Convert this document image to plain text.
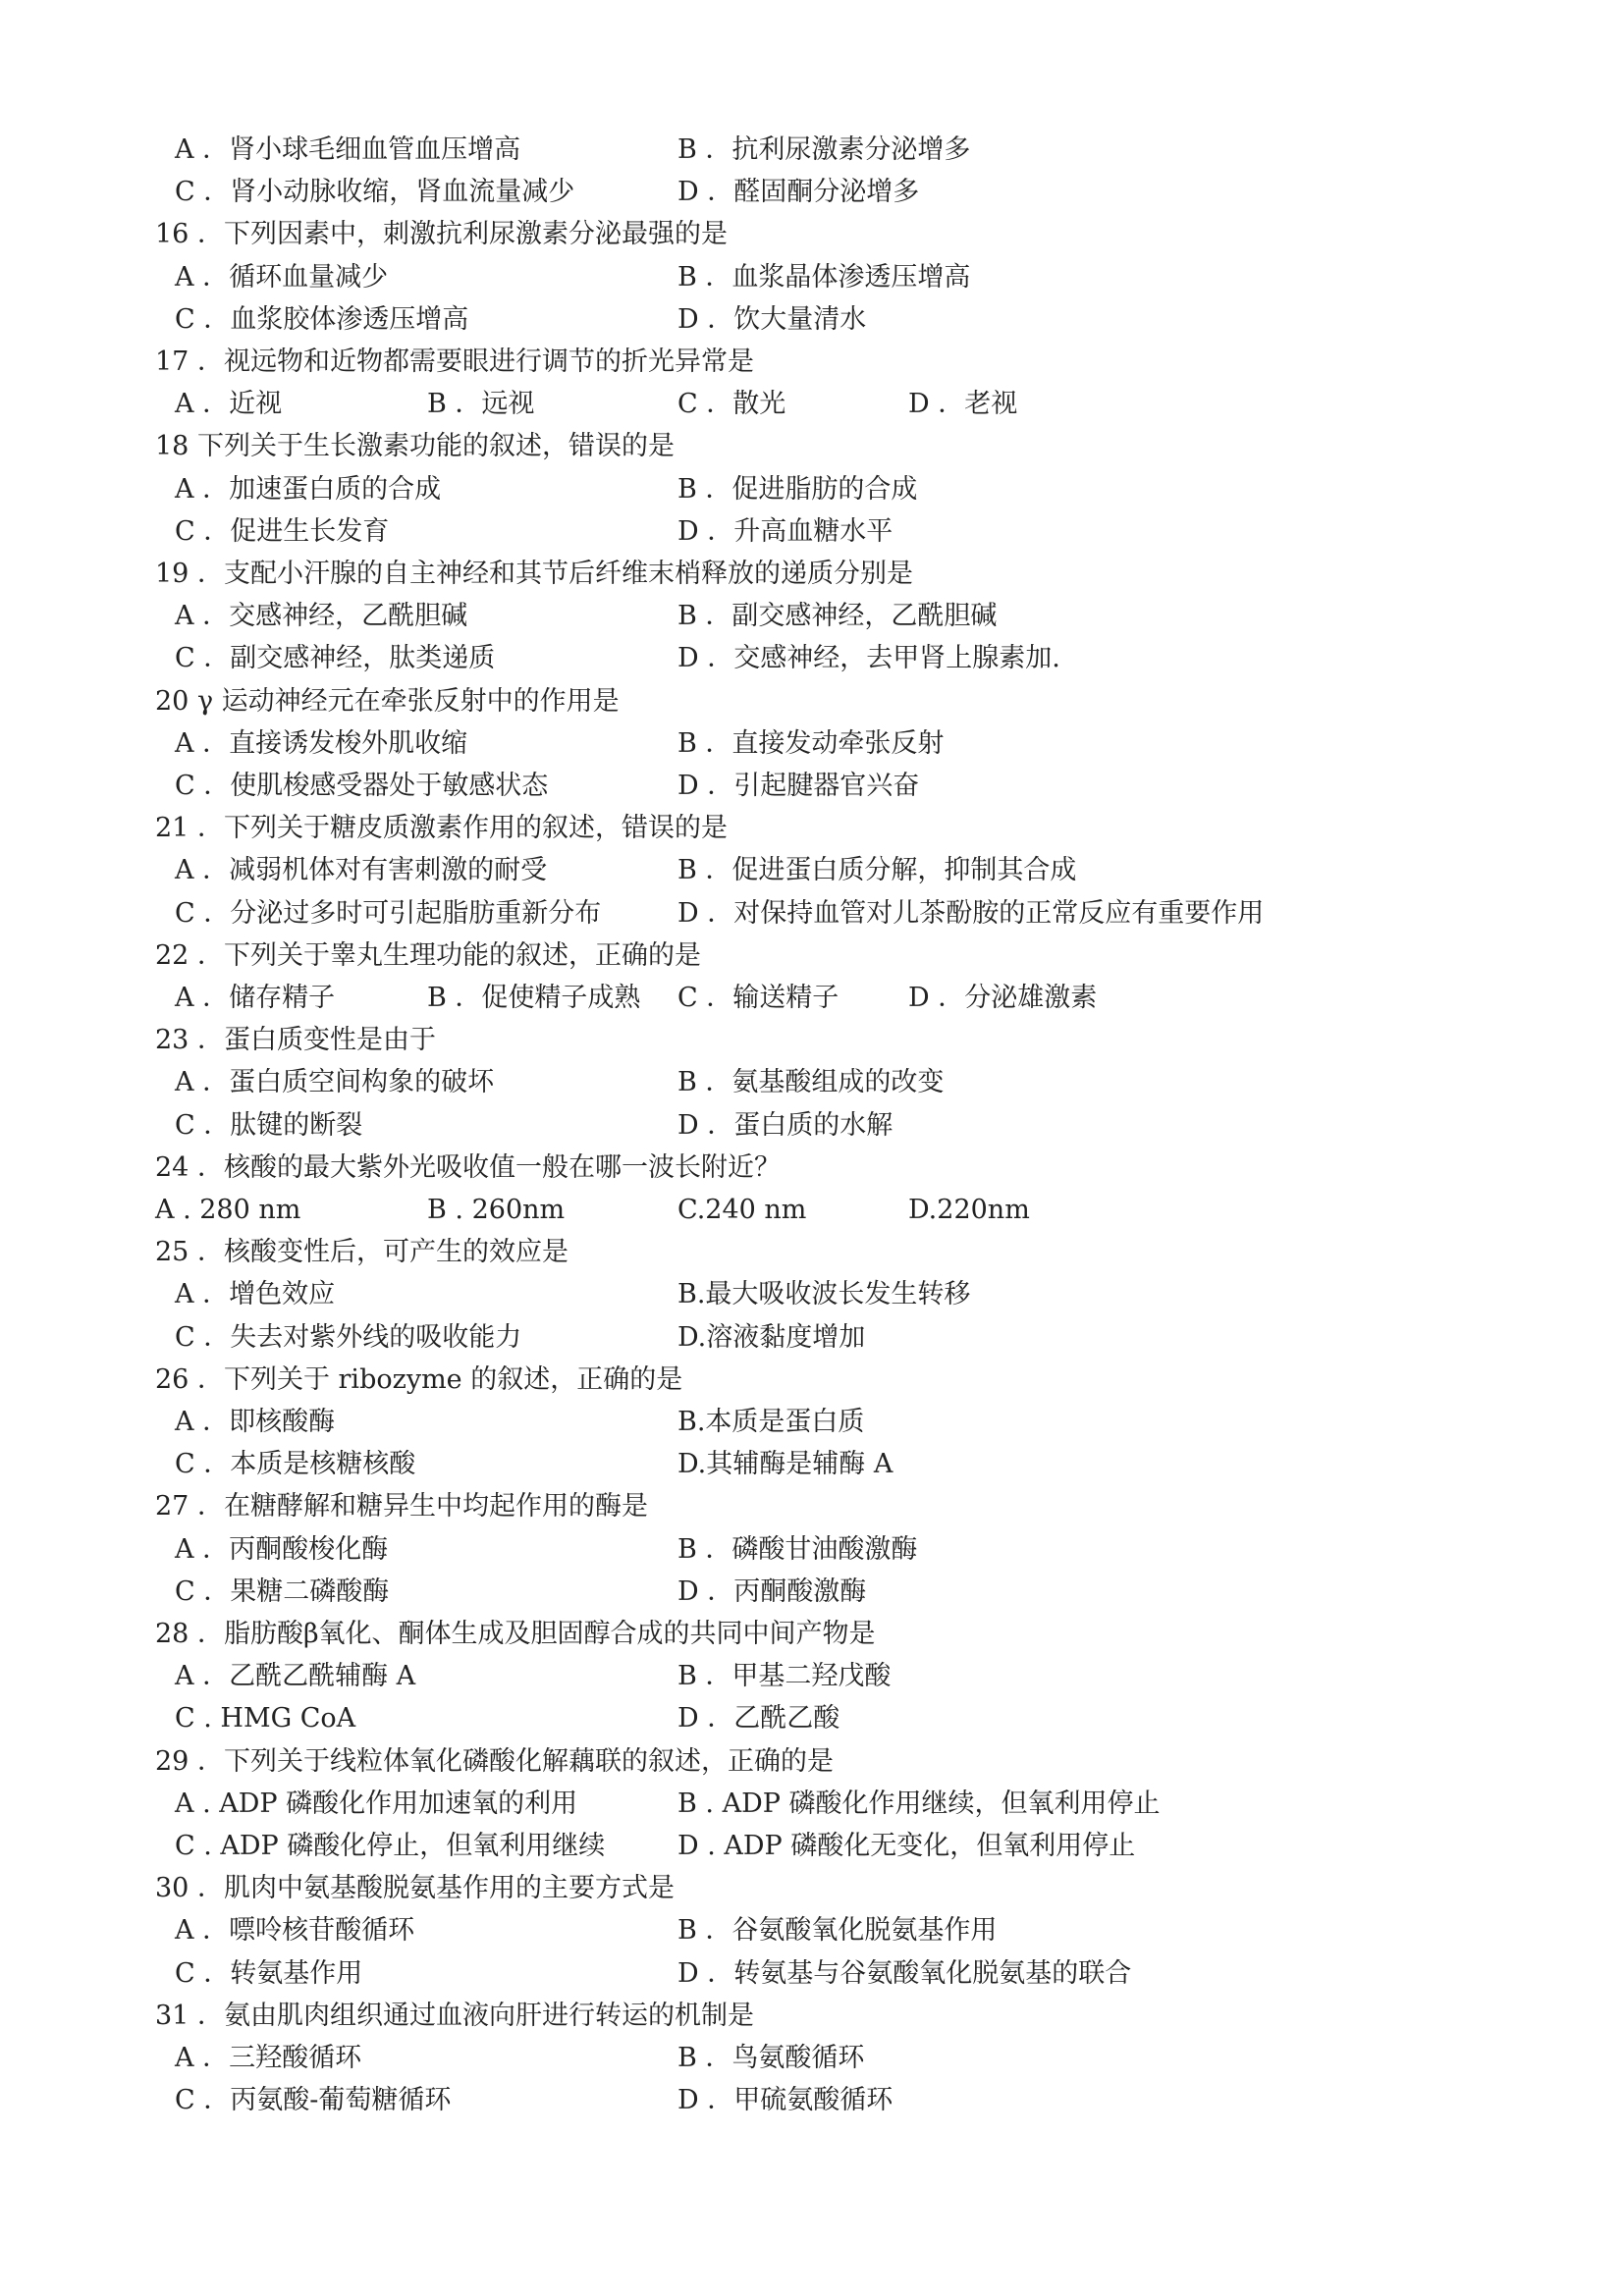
A ．肾小球毛细血管血压增高	B ．抗利尿激素分泌增多
C ．肾小动脉收缩，肾血流量减少	D ．醛固酮分泌增多
16 ．下列因素中，刺激抗利尿激素分泌最强的是
A ．循环血量减少	B ．血浆晶体渗透压增高
C ．血浆胶体渗透压增高	D ．饮大量清水
17 ．视远物和近物都需要眼进行调节的折光异常是
A ．近视	B ．远视	C ．散光	D ．老视
18 下列关于生长激素功能的叙述，错误的是
A ．加速蛋白质的合成	B ．促进脂肪的合成
C ．促进生长发育	D ．升高血糖水平
19 ．支配小汗腺的自主神经和其节后纤维末梢释放的递质分别是
A ．交感神经，乙酰胆碱	B ．副交感神经，乙酰胆碱
C ．副交感神经，肽类递质	D ．交感神经，去甲肾上腺素加.
20 γ 运动神经元在牵张反射中的作用是
A ．直接诱发梭外肌收缩	B ．直接发动牵张反射
C ．使肌梭感受器处于敏感状态	D ．引起腱器官兴奋
21 ．下列关于糖皮质激素作用的叙述，错误的是
A ．减弱机体对有害刺激的耐受	B ．促进蛋白质分解，抑制其合成
C ．分泌过多时可引起脂肪重新分布	D ．对保持血管对儿茶酚胺的正常反应有重要作用
22 ．下列关于睾丸生理功能的叙述，正确的是
A ．储存精子	B ．促使精子成熟 C ．输送精子	D ．分泌雄激素
23 ．蛋白质变性是由于
A ．蛋白质空间构象的破坏	B ．氨基酸组成的改变
C ．肽键的断裂	D ．蛋白质的水解
24 ．核酸的最大紫外光吸收值一般在哪一波长附近？
A . 280 nm	B . 260nm	C.240 nm	D.220nm
25 ．核酸变性后，可产生的效应是
A ．增色效应	B.最大吸收波长发生转移
C ．失去对紫外线的吸收能力	D.溶液黏度增加
26 ．下列关于 ribozyme 的叙述，正确的是
A ．即核酸酶	B.本质是蛋白质
C ．本质是核糖核酸	D.其辅酶是辅酶 A
27 ．在糖酵解和糖异生中均起作用的酶是
A ．丙酮酸梭化酶	B ．磷酸甘油酸激酶
C ．果糖二磷酸酶	D ．丙酮酸激酶
28 ．脂肪酸β氧化、酮体生成及胆固醇合成的共同中间产物是
A ．乙酰乙酰辅酶 A	B ．甲基二羟戊酸
C . HMG CoA	D ．乙酰乙酸
29 ．下列关于线粒体氧化磷酸化解藕联的叙述，正确的是
A . ADP 磷酸化作用加速氧的利用	B . ADP 磷酸化作用继续，但氧利用停止
C . ADP 磷酸化停止，但氧利用继续	D . ADP 磷酸化无变化，但氧利用停止
30 ．肌肉中氨基酸脱氨基作用的主要方式是
A ．嘌呤核苷酸循环	B ．谷氨酸氧化脱氨基作用
C ．转氨基作用	D ．转氨基与谷氨酸氧化脱氨基的联合
31 ．氨由肌肉组织通过血液向肝进行转运的机制是
A ．三羟酸循环	B ．鸟氨酸循环
C ．丙氨酸-葡萄糖循环	D ．甲硫氨酸循环
